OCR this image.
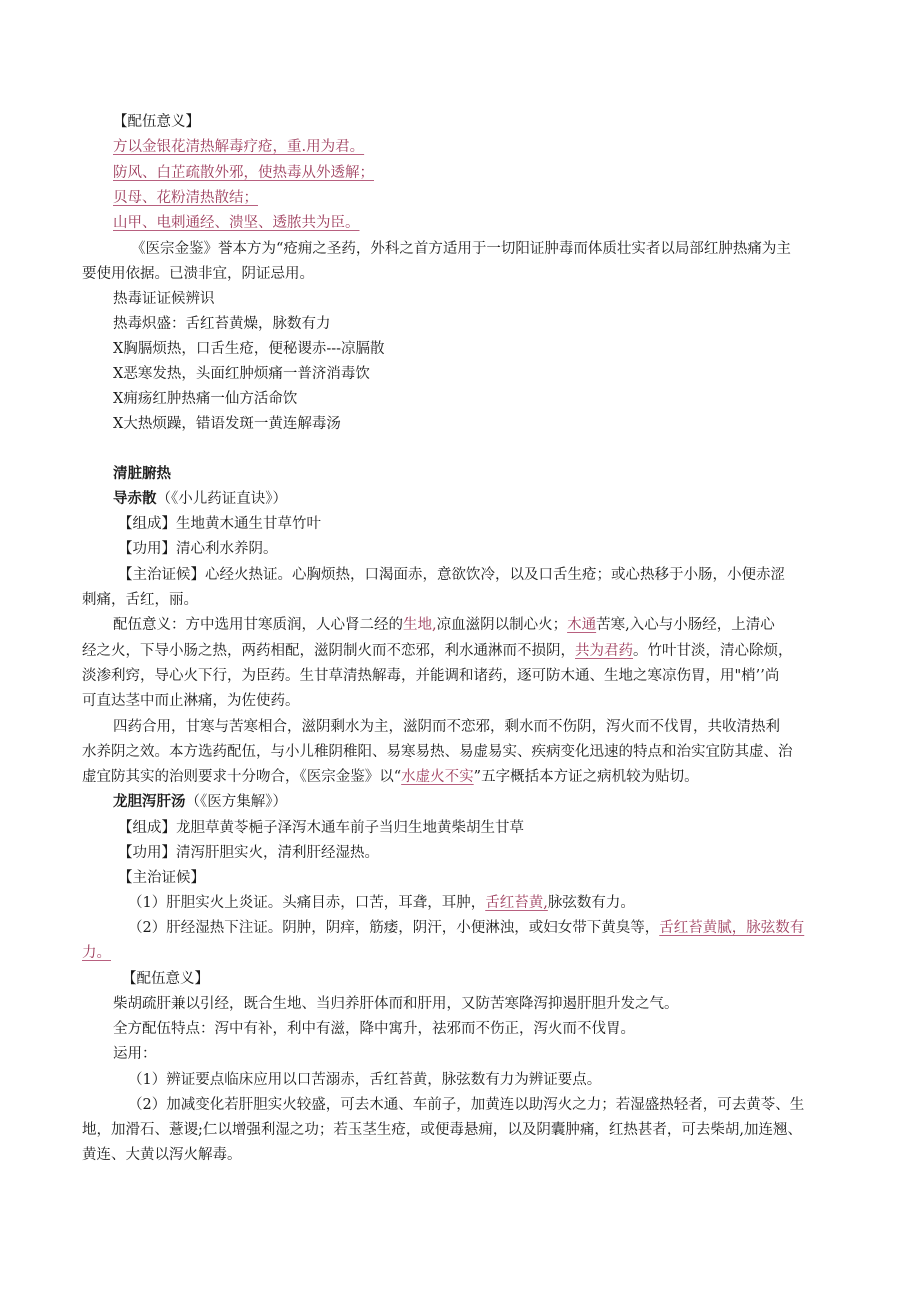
【配伍意义】
方以金银花清热解毒疗疮，重.用为君。
防风、白芷疏散外邪，使热毒从外透解；
贝母、花粉清热散结；
山甲、电刺通经、溃坚、透脓共为臣。
《医宗金鉴》誉本方为“疮痈之圣药，外科之首方适用于一切阳证肿毒而体质壮实者以局部红肿热痛为主
要使用依据。已溃非宜，阴证忌用。
热毒证证候辨识
热毒炽盛：舌红苔黄燥，脉数有力
X胸膈烦热，口舌生疮，便秘谡赤---凉膈散
X恶寒发热，头面红肿烦痛一普济消毒饮
X痈疡红肿热痛一仙方活命饮
X大热烦躁，错语发斑一黄连解毒汤
清脏腑热
导赤散（《小儿药证直诀》）
【组成】生地黄木通生甘草竹叶
【功用】清心利水养阴。
【主治证候】心经火热证。心胸烦热，口渴面赤，意欲饮冷，以及口舌生疮；或心热移于小肠，小便赤涩
刺痛，舌红，丽。
配伍意义：方中选用甘寒质润，人心肾二经的生地,凉血滋阴以制心火；木通苦寒,入心与小肠经，上清心
经之火，下导小肠之热，两药相配，滋阴制火而不恋邪，利水通淋而不损阴，共为君药。竹叶甘淡，清心除烦，
淡渗利窍，导心火下行，为臣药。生甘草清热解毒，并能调和诸药，逐可防木通、生地之寒凉伤胃，用"梢’’尚
可直达茎中而止淋痛，为佐使药。
四药合用，甘寒与苦寒相合，滋阴剩水为主，滋阴而不恋邪，剩水而不伤阴，泻火而不伐胃，共收清热利
水养阴之效。本方选药配伍，与小儿稚阴稚阳、易寒易热、易虚易实、疾病变化迅速的特点和治实宜防其虚、治
虚宜防其实的治则要求十分吻合，《医宗金鉴》以“水虚火不实”五字概括本方证之病机较为贴切。
龙胆泻肝汤（《医方集解》）
【组成】龙胆草黄苓梔子泽泻木通车前子当归生地黄柴胡生甘草
【功用】清泻肝胆实火，清利肝经湿热。
【主治证候】
（1）肝胆实火上炎证。头痛目赤，口苦，耳聋，耳肿，舌红苔黄,脉弦数有力。
（2）肝经湿热下注证。阴肿，阴痒，筋痿，阴汗，小便淋浊，或妇女带下黄臭等，舌红苔黄腻，脉弦数有
力。
【配伍意义】
柴胡疏肝兼以引经，既合生地、当归养肝体而和肝用，又防苦寒降泻抑遏肝胆升发之气。
全方配伍特点：泻中有补，利中有滋，降中寓升，祛邪而不伤正，泻火而不伐胃。
运用：
（1）辨证要点临床应用以口苦溺赤，舌红苔黄，脉弦数有力为辨证要点。
（2）加减变化若肝胆实火较盛，可去木通、车前子，加黄连以助泻火之力；若湿盛热轻者，可去黄苓、生
地，加滑石、薏谡;仁以增强利湿之功；若玉茎生疮，或便毒悬痈，以及阴囊肿痛，红热甚者，可去柴胡,加连翘、
黄连、大黄以泻火解毒。
